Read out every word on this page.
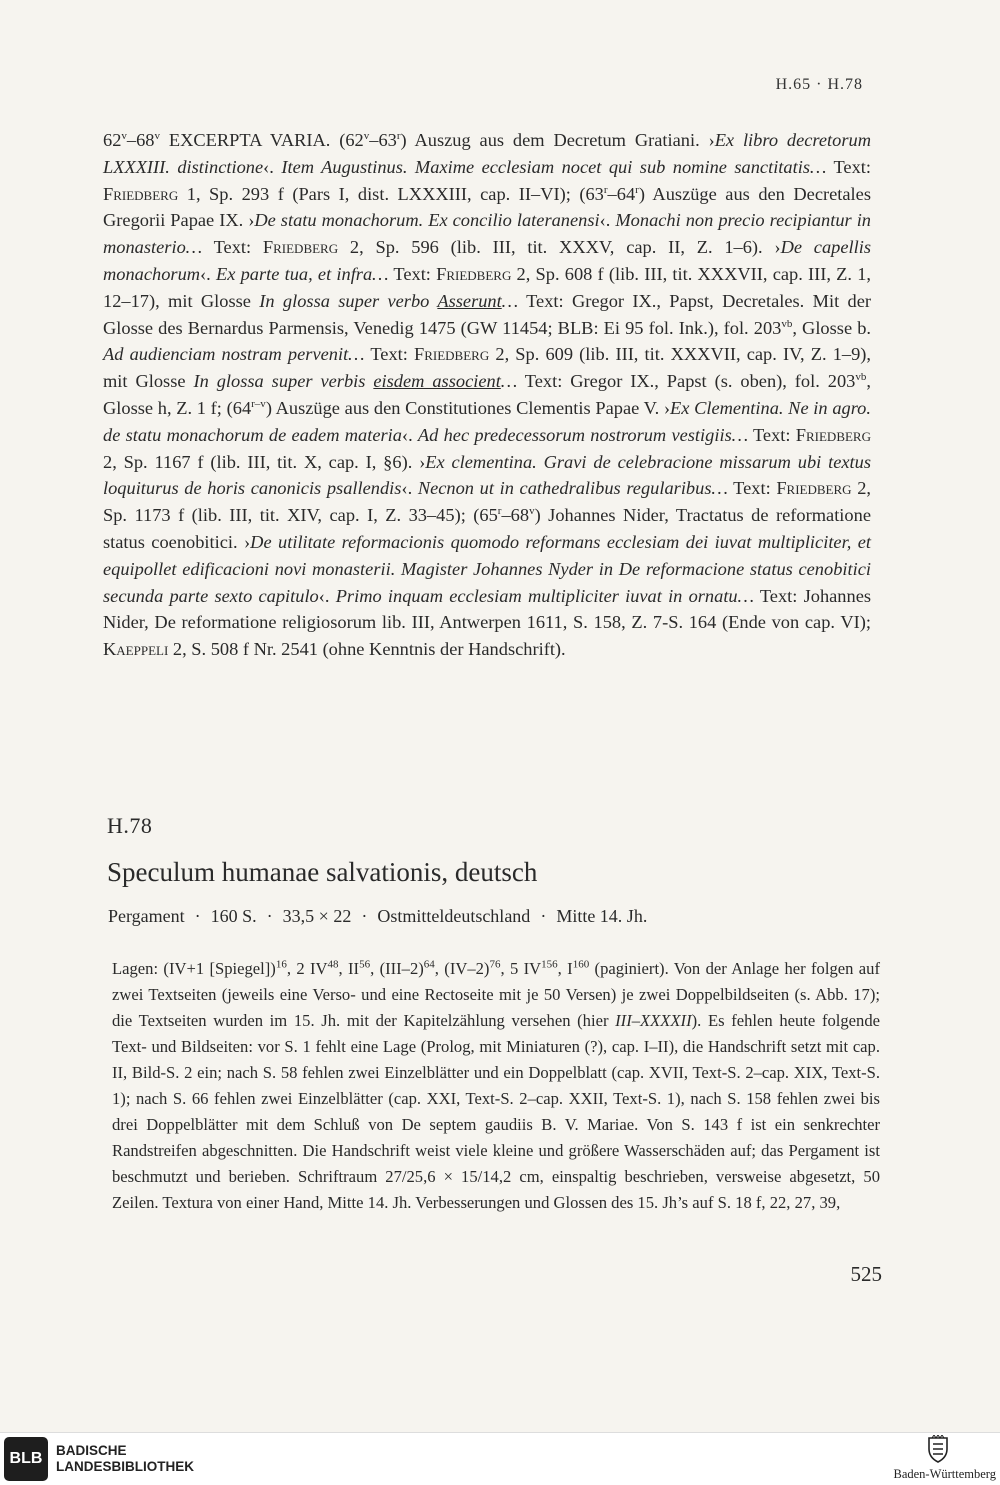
H.65 · H.78

62$^v$–68$^v$ EXCERPTA VARIA. (62$^v$–63$^r$) Auszug aus dem Decretum Gratiani. ›Ex libro decretorum LXXXIII. distinctione‹. Item Augustinus. Maxime ecclesiam nocet qui sub nomine sanctitatis… Text: Friedberg 1, Sp. 293 f (Pars I, dist. LXXXIII, cap. II–VI); (63$^r$–64$^r$) Auszüge aus den Decretales Gregorii Papae IX. ›De statu monachorum. Ex concilio lateranensi‹. Monachi non precio recipiantur in monasterio… Text: Friedberg 2, Sp. 596 (lib. III, tit. XXXV, cap. II, Z. 1–6). ›De capellis monachorum‹. Ex parte tua, et infra… Text: Friedberg 2, Sp. 608 f (lib. III, tit. XXXVII, cap. III, Z. 1, 12–17), mit Glosse In glossa super verbo Asserunt… Text: Gregor IX., Papst, Decretales. Mit der Glosse des Bernardus Parmensis, Venedig 1475 (GW 11454; BLB: Ei 95 fol. Ink.), fol. $203^{vb}$, Glosse b. Ad audienciam nostram pervenit… Text: Friedberg 2, Sp. 609 (lib. III, tit. XXXVII, cap. IV, Z. 1–9), mit Glosse In glossa super verbis eisdem associent… Text: Gregor IX., Papst (s. oben), fol. $203^{vb}$, Glosse h, Z. 1 f; (64$^{r-v}$) Auszüge aus den Constitutiones Clementis Papae V. ›Ex Clementina. Ne in agro. de statu monachorum de eadem materia‹. Ad hec predecessorum nostrorum vestigiis… Text: Friedberg 2, Sp. 1167 f (lib. III, tit. X, cap. I, §6). ›Ex clementina. Gravi de celebracione missarum ubi textus loquiturus de horis canonicis psallendis‹. Necnon ut in cathedralibus regularibus… Text: Friedberg 2, Sp. 1173 f (lib. III, tit. XIV, cap. I, Z. 33–45); (65$^r$–68$^v$) Johannes Nider, Tractatus de reformatione status coenobitici. ›De utilitate reformacionis quomodo reformans ecclesiam dei iuvat multipliciter, et equipollet edificacioni novi monasterii. Magister Johannes Nyder in De reformacione status cenobitici secunda parte sexto capitulo‹. Primo inquam ecclesiam multipliciter iuvat in ornatu… Text: Johannes Nider, De reformatione religiosorum lib. III, Antwerpen 1611, S. 158, Z. 7-S. 164 (Ende von cap. VI); Kaeppeli 2, S. 508 f Nr. 2541 (ohne Kenntnis der Handschrift).

H.78
Speculum humanae salvationis, deutsch
Pergament · 160 S. · 33,5 × 22 · Ostmitteldeutschland · Mitte 14. Jh.

Lagen: (IV+1 [Spiegel])$^{16}$, 2 IV$^{48}$, II$^{56}$, $(III-2)^{64}$, $(IV-2)^{76}$, 5 IV$^{156}$, $I^{160}$ (paginiert). Von der Anlage her folgen auf zwei Textseiten (jeweils eine Verso- und eine Rectoseite mit je 50 Versen) je zwei Doppelbildseiten (s. Abb. 17); die Textseiten wurden im 15. Jh. mit der Kapitelzählung versehen (hier III–XXXXII). Es fehlen heute folgende Text- und Bildseiten: vor S. 1 fehlt eine Lage (Prolog, mit Miniaturen (?), cap. I–II), die Handschrift setzt mit cap. II, Bild-S. 2 ein; nach S. 58 fehlen zwei Einzelblätter und ein Doppelblatt (cap. XVII, Text-S. 2–cap. XIX, Text-S. 1); nach S. 66 fehlen zwei Einzelblätter (cap. XXI, Text-S. 2–cap. XXII, Text-S. 1), nach S. 158 fehlen zwei bis drei Doppelblätter mit dem Schluß von De septem gaudiis B. V. Mariae. Von S. 143 f ist ein senkrechter Randstreifen abgeschnitten. Die Handschrift weist viele kleine und größere Wasserschäden auf; das Pergament ist beschmutzt und berieben. Schriftraum 27/25,6 × 15/14,2 cm, einspaltig beschrieben, versweise abgesetzt, 50 Zeilen. Textura von einer Hand, Mitte 14. Jh. Verbesserungen und Glossen des 15. Jh’s auf S. 18 f, 22, 27, 39,

525
BLB BADISCHE
LANDESBIBLIOTHEK	Baden-Württemberg
